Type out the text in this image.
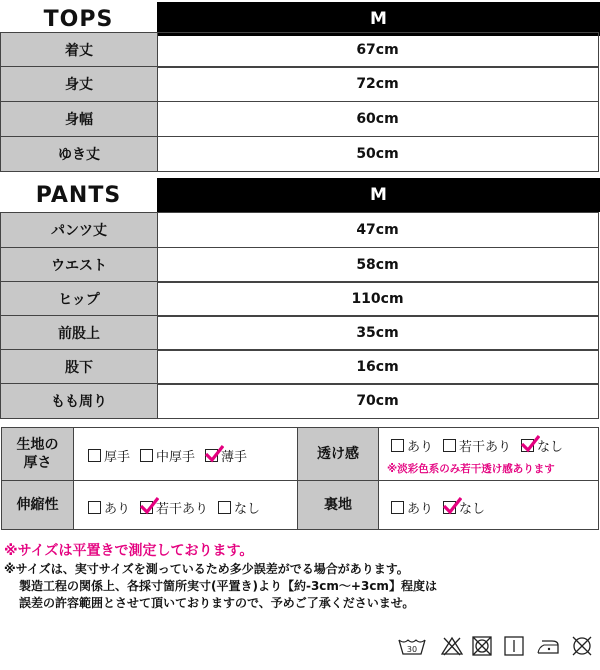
TOPS	M
着丈	67cm
身丈	72cm
身幅	60cm
ゆき丈	50cm
PANTS	M
パンツ丈	47cm
ウエスト	58cm
ヒップ	110cm
前股上	35cm
股下	16cm
もも周り	70cm
生地の
厚さ	厚手 中厚手 薄手	透け感	あり 若干あり なし
※淡彩色系のみ若干透け感あります
伸縮性	あり 若干あり なし	裏地	あり なし
※サイズは平置きで測定しております。
※サイズは、実寸サイズを測っているため多少誤差がでる場合があります。
製造工程の関係上、各採寸箇所実寸(平置き)より【約-3cm～+3cm】程度は
誤差の許容範囲とさせて頂いておりますので、予めご了承くださいませ。
30
